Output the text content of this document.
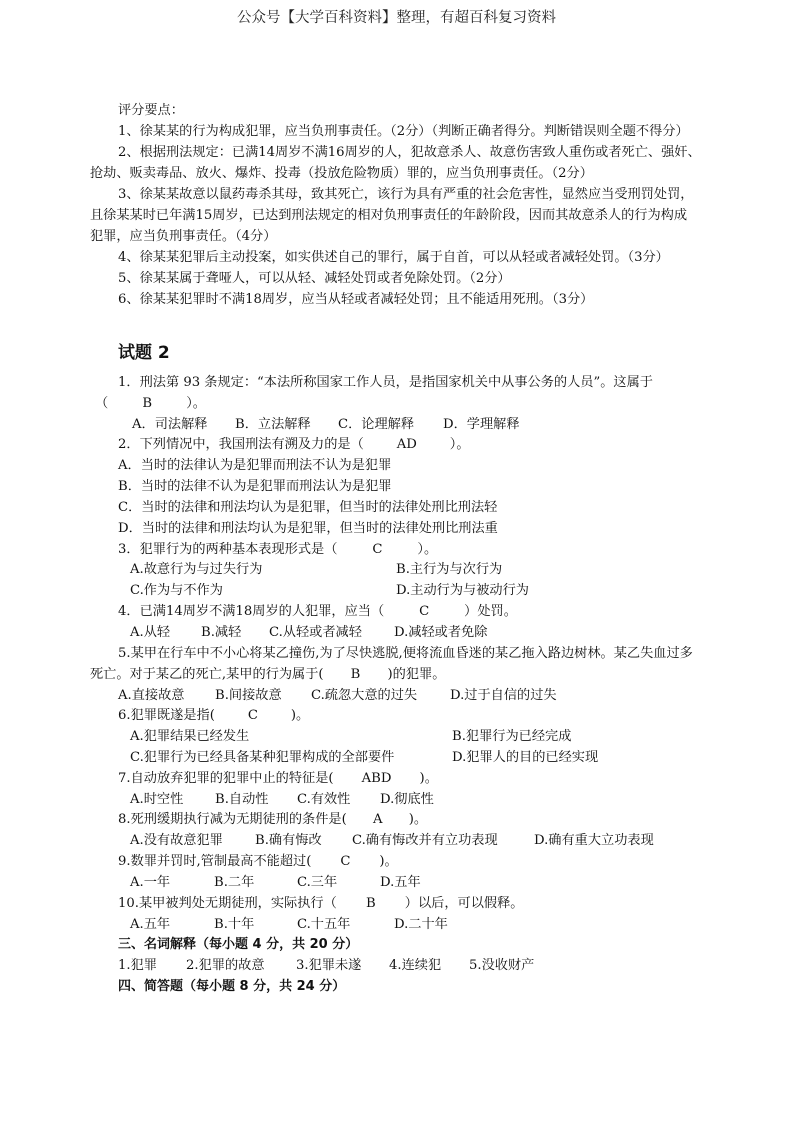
公众号【大学百科资料】整理，有超百科复习资料
评分要点：
1、徐某某的行为构成犯罪，应当负刑事责任。（2分）（判断正确者得分。判断错误则全题不得分）
2、根据刑法规定：已满14周岁不满16周岁的人，犯故意杀人、故意伤害致人重伤或者死亡、强奸、
抢劫、贩卖毒品、放火、爆炸、投毒（投放危险物质）罪的，应当负刑事责任。（2分）
3、徐某某故意以鼠药毒杀其母，致其死亡，该行为具有严重的社会危害性，显然应当受刑罚处罚，
且徐某某时已年满15周岁，已达到刑法规定的相对负刑事责任的年龄阶段，因而其故意杀人的行为构成
犯罪，应当负刑事责任。（4分）
4、徐某某犯罪后主动投案，如实供述自己的罪行，属于自首，可以从轻或者减轻处罚。（3分）
5、徐某某属于聋哑人，可以从轻、减轻处罚或者免除处罚。（2分）
6、徐某某犯罪时不满18周岁，应当从轻或者减轻处罚；且不能适用死刑。（3分）
试题 2
1．刑法第 93 条规定：“本法所称国家工作人员，是指国家机关中从事公务的人员”。这属于
（	B	）。
A．司法解释 B．立法解释 C．论理解释 D．学理解释
2．下列情况中，我国刑法有溯及力的是（ AD ）。
A．当时的法律认为是犯罪而刑法不认为是犯罪
B．当时的法律不认为是犯罪而刑法认为是犯罪
C．当时的法律和刑法均认为是犯罪，但当时的法律处刑比刑法轻
D．当时的法律和刑法均认为是犯罪，但当时的法律处刑比刑法重
3．犯罪行为的两种基本表现形式是（	C	）。
A.故意行为与过失行为	B.主行为与次行为
C.作为与不作为	D.主动行为与被动行为
4．已满14周岁不满18周岁的人犯罪，应当（	C	）处罚。
A.从轻 B.减轻 C.从轻或者减轻 D.减轻或者免除
5.某甲在行车中不小心将某乙撞伤,为了尽快逃脱,便将流血昏迷的某乙拖入路边树林。某乙失血过多
死亡。对于某乙的死亡,某甲的行为属于( B )的犯罪。
A.直接故意 B.间接故意 C.疏忽大意的过失 D.过于自信的过失
6.犯罪既遂是指( C )。
A.犯罪结果已经发生	B.犯罪行为已经完成
C.犯罪行为已经具备某种犯罪构成的全部要件	D.犯罪人的目的已经实现
7.自动放弃犯罪的犯罪中止的特征是( ABD )。
A.时空性 B.自动性 C.有效性 D.彻底性
8.死刑缓期执行减为无期徒刑的条件是( A )。
A.没有故意犯罪 B.确有悔改 C.确有悔改并有立功表现	D.确有重大立功表现
9.数罪并罚时,管制最高不能超过( C )。
A.一年	B.二年	C.三年	D.五年
10.某甲被判处无期徒刑，实际执行（ B ）以后，可以假释。
A.五年	B.十年	C.十五年	D.二十年
三、名词解释（每小题 4 分，共 20 分）
1.犯罪 2.犯罪的故意 3.犯罪未遂 4.连续犯 5.没收财产
四、简答题（每小题 8 分，共 24 分）
